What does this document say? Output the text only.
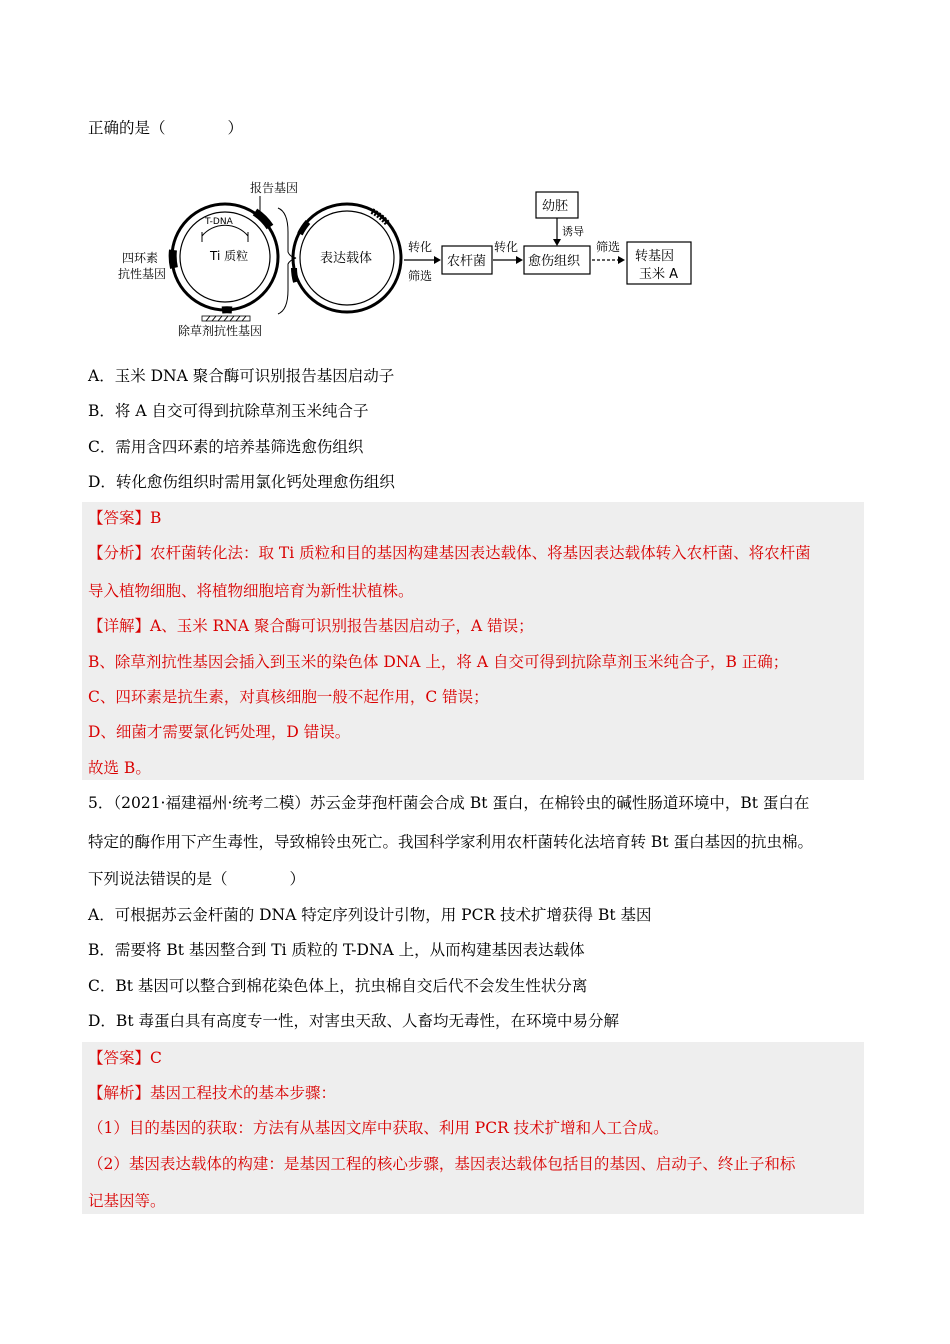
正确的是（　　　　）
T-DNA
Ti 质粒
报告基因
四环素
抗性基因
除草剂抗性基因
表达载体
转化
筛选
农杆菌
转化
愈伤组织
幼胚
诱导
筛选
转基因
玉米 A
A．玉米 DNA 聚合酶可识别报告基因启动子
B．将 A 自交可得到抗除草剂玉米纯合子
C．需用含四环素的培养基筛选愈伤组织
D．转化愈伤组织时需用氯化钙处理愈伤组织
【答案】B
【分析】农杆菌转化法：取 Ti 质粒和目的基因构建基因表达载体、将基因表达载体转入农杆菌、将农杆菌
导入植物细胞、将植物细胞培育为新性状植株。
【详解】A、玉米 RNA 聚合酶可识别报告基因启动子，A 错误；
B、除草剂抗性基因会插入到玉米的染色体 DNA 上，将 A 自交可得到抗除草剂玉米纯合子，B 正确；
C、四环素是抗生素，对真核细胞一般不起作用，C 错误；
D、细菌才需要氯化钙处理，D 错误。
故选 B。
5．（2021·福建福州·统考二模）苏云金芽孢杆菌会合成 Bt 蛋白，在棉铃虫的碱性肠道环境中，Bt 蛋白在
特定的酶作用下产生毒性，导致棉铃虫死亡。我国科学家利用农杆菌转化法培育转 Bt 蛋白基因的抗虫棉。
下列说法错误的是（　　　　）
A．可根据苏云金杆菌的 DNA 特定序列设计引物，用 PCR 技术扩增获得 Bt 基因
B．需要将 Bt 基因整合到 Ti 质粒的 T-DNA 上，从而构建基因表达载体
C．Bt 基因可以整合到棉花染色体上，抗虫棉自交后代不会发生性状分离
D．Bt 毒蛋白具有高度专一性，对害虫天敌、人畜均无毒性，在环境中易分解
【答案】C
【解析】基因工程技术的基本步骤：
（1）目的基因的获取：方法有从基因文库中获取、利用 PCR 技术扩增和人工合成。
（2）基因表达载体的构建：是基因工程的核心步骤，基因表达载体包括目的基因、启动子、终止子和标
记基因等。
